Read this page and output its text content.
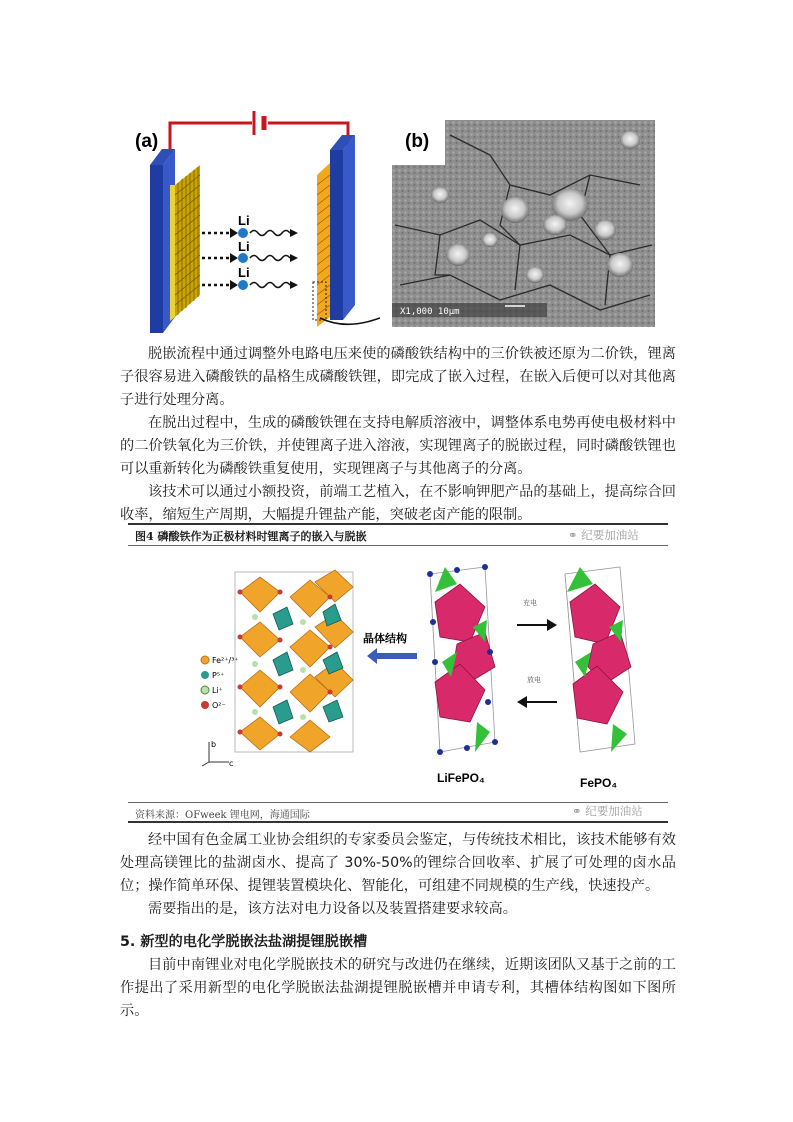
Li
Li
Li
(a)
X1,000 10µm
(b)

脱嵌流程中通过调整外电路电压来使的磷酸铁结构中的三价铁被还原为二价铁，锂离子很容易进入磷酸铁的晶格生成磷酸铁锂，即完成了嵌入过程，在嵌入后便可以对其他离子进行处理分离。

在脱出过程中，生成的磷酸铁锂在支持电解质溶液中，调整体系电势再使电极材料中的二价铁氧化为三价铁，并使锂离子进入溶液，实现锂离子的脱嵌过程，同时磷酸铁锂也可以重新转化为磷酸铁重复使用，实现锂离子与其他离子的分离。

该技术可以通过小额投资，前端工艺植入，在不影响钾肥产品的基础上，提高综合回收率，缩短生产周期，大幅提升锂盐产能，突破老卤产能的限制。

图4 磷酸铁作为正极材料时锂离子的嵌入与脱嵌	⚭ 纪要加油站
Fe²⁺/³⁺
P⁵⁺
Li⁺
O²⁻
b
c
晶体结构
LiFePO₄
充电
放电
FePO₄
资料来源：OFweek 锂电网，海通国际	⚭ 纪要加油站

经中国有色金属工业协会组织的专家委员会鉴定，与传统技术相比，该技术能够有效处理高镁锂比的盐湖卤水、提高了 30%-50%的锂综合回收率、扩展了可处理的卤水品位；操作简单环保、提锂装置模块化、智能化，可组建不同规模的生产线，快速投产。

需要指出的是，该方法对电力设备以及装置搭建要求较高。

5. 新型的电化学脱嵌法盐湖提锂脱嵌槽

目前中南锂业对电化学脱嵌技术的研究与改进仍在继续，近期该团队又基于之前的工作提出了采用新型的电化学脱嵌法盐湖提锂脱嵌槽并申请专利，其槽体结构图如下图所示。
